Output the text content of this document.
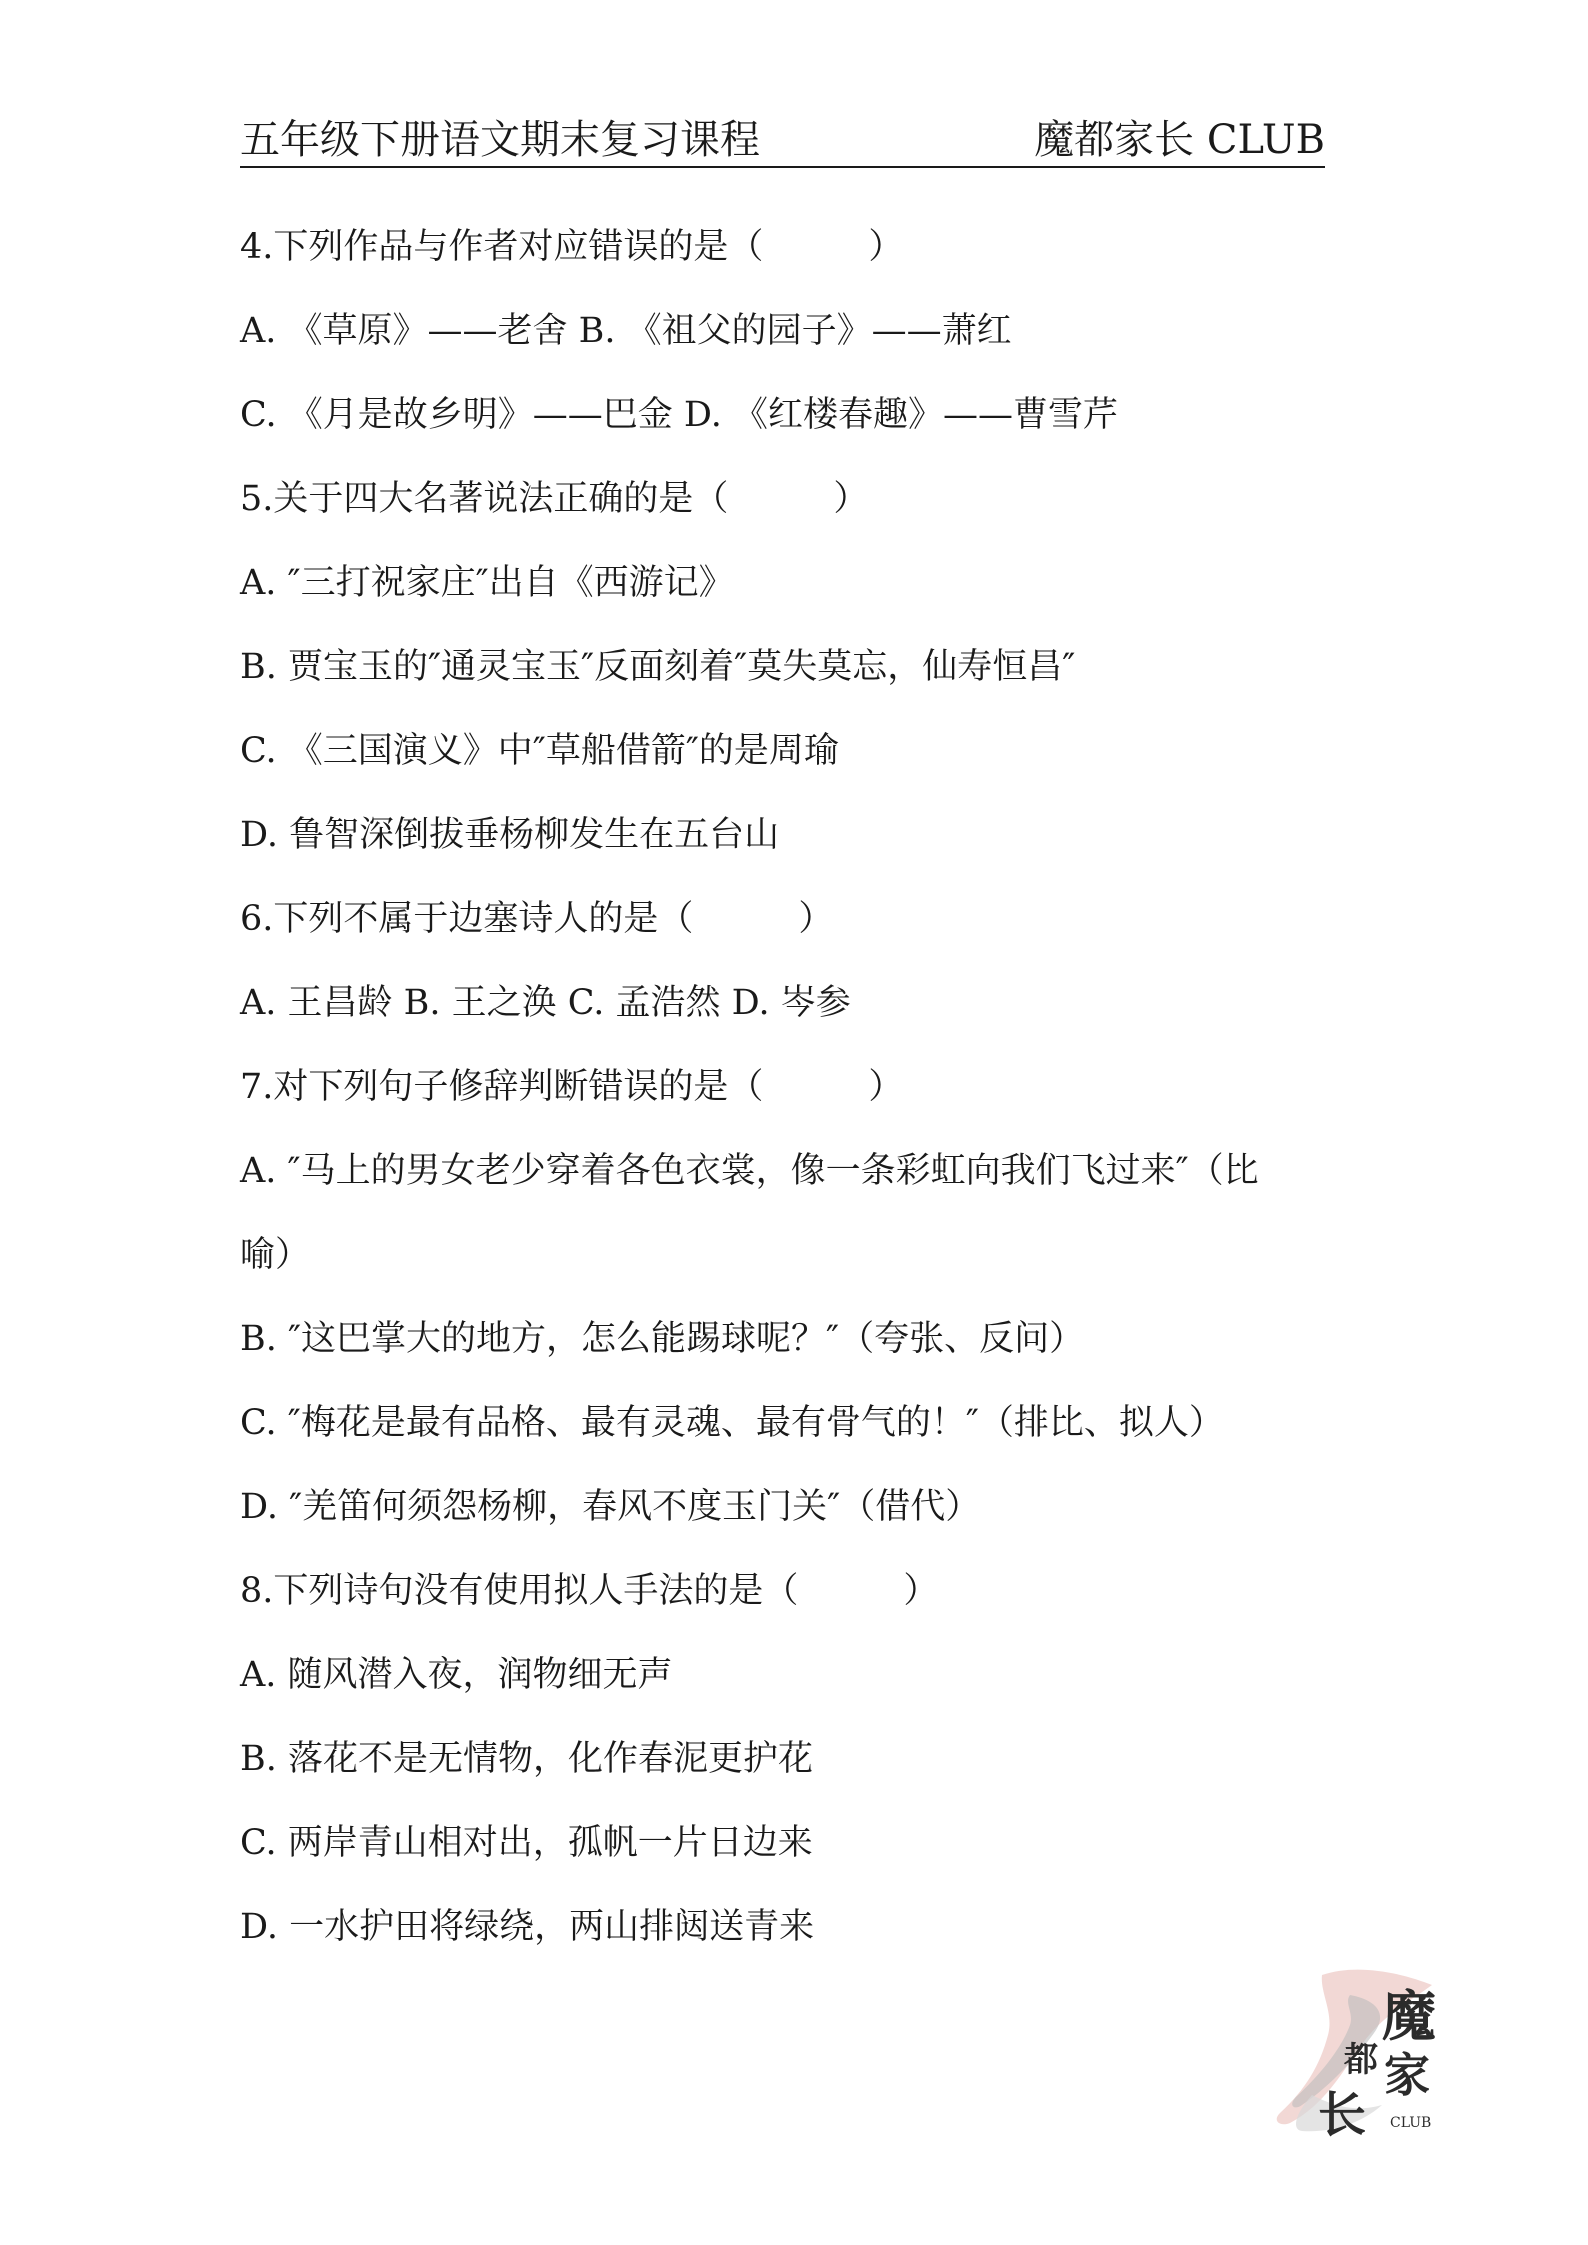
五年级下册语文期末复习课程	魔都家长 CLUB
4.下列作品与作者对应错误的是（　　　）
A. 《草原》——老舍 B. 《祖父的园子》——萧红
C. 《月是故乡明》——巴金 D. 《红楼春趣》——曹雪芹
5.关于四大名著说法正确的是（　　　）
A. ″三打祝家庄″出自《西游记》
B. 贾宝玉的″通灵宝玉″反面刻着″莫失莫忘，仙寿恒昌″
C. 《三国演义》中″草船借箭″的是周瑜
D. 鲁智深倒拔垂杨柳发生在五台山
6.下列不属于边塞诗人的是（　　　）
A. 王昌龄 B. 王之涣 C. 孟浩然 D. 岑参
7.对下列句子修辞判断错误的是（　　　）
A. ″马上的男女老少穿着各色衣裳，像一条彩虹向我们飞过来″（比
喻）
B. ″这巴掌大的地方，怎么能踢球呢？″（夸张、反问）
C. ″梅花是最有品格、最有灵魂、最有骨气的！″（排比、拟人）
D. ″羌笛何须怨杨柳，春风不度玉门关″（借代）
8.下列诗句没有使用拟人手法的是（　　　）
A. 随风潜入夜，润物细无声
B. 落花不是无情物，化作春泥更护花
C. 两岸青山相对出，孤帆一片日边来
D. 一水护田将绿绕，两山排闼送青来
魔
都 家
长 CLUB
